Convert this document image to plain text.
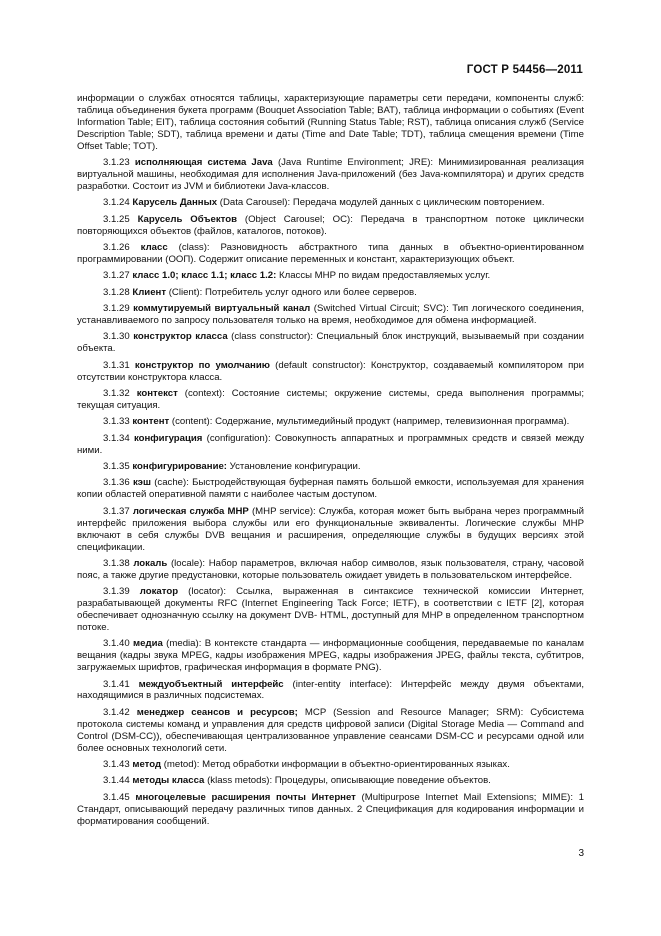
ГОСТ Р 54456—2011

информации о службах относятся таблицы, характеризующие параметры сети передачи, компоненты служб: таблица объединения букета программ (Bouquet Association Table; BAT), таблица информации о событиях (Event Information Table; EIT), таблица состояния событий (Running Status Table; RST), таблица описания служб (Service Description Table; SDT), таблица времени и даты (Time and Date Table; TDT), таблица смещения времени (Time Offset Table; TOT).

3.1.23 исполняющая система Java (Java Runtime Environment; JRE): Минимизированная реализация виртуальной машины, необходимая для исполнения Java-приложений (без Java-компилятора) и других средств разработки. Состоит из JVM и библиотеки Java-классов.

3.1.24 Карусель Данных (Data Carousel): Передача модулей данных с циклическим повторением.

3.1.25 Карусель Объектов (Object Carousel; OC): Передача в транспортном потоке циклически повторяющихся объектов (файлов, каталогов, потоков).

3.1.26 класс (class): Разновидность абстрактного типа данных в объектно-ориентированном программировании (ООП). Содержит описание переменных и констант, характеризующих объект.

3.1.27 класс 1.0; класс 1.1; класс 1.2: Классы MHP по видам предоставляемых услуг.

3.1.28 Клиент (Client): Потребитель услуг одного или более серверов.

3.1.29 коммутируемый виртуальный канал (Switched Virtual Circuit; SVC): Тип логического соединения, устанавливаемого по запросу пользователя только на время, необходимое для обмена информацией.

3.1.30 конструктор класса (class constructor): Специальный блок инструкций, вызываемый при создании объекта.

3.1.31 конструктор по умолчанию (default constructor): Конструктор, создаваемый компилятором при отсутствии конструктора класса.

3.1.32 контекст (context): Состояние системы; окружение системы, среда выполнения программы; текущая ситуация.

3.1.33 контент (content): Содержание, мультимедийный продукт (например, телевизионная программа).

3.1.34 конфигурация (configuration): Совокупность аппаратных и программных средств и связей между ними.

3.1.35 конфигурирование: Установление конфигурации.

3.1.36 кэш (cache): Быстродействующая буферная память большой емкости, используемая для хранения копии областей оперативной памяти с наиболее частым доступом.

3.1.37 логическая служба MHP (MHP service): Служба, которая может быть выбрана через программный интерфейс приложения выбора службы или его функциональные эквиваленты. Логические службы MHP включают в себя службы DVB вещания и расширения, определяющие службы в будущих версиях этой спецификации.

3.1.38 локаль (locale): Набор параметров, включая набор символов, язык пользователя, страну, часовой пояс, а также другие предустановки, которые пользователь ожидает увидеть в пользовательском интерфейсе.

3.1.39 локатор (locator): Ссылка, выраженная в синтаксисе технической комиссии Интернет, разрабатывающей документы RFC (Internet Engineering Tack Force; IETF), в соответствии с IETF [2], которая обеспечивает однозначную ссылку на документ DVB- HTML, доступный для MHP в определенном транспортном потоке.

3.1.40 медиа (media): В контексте стандарта — информационные сообщения, передаваемые по каналам вещания (кадры звука MPEG, кадры изображения MPEG, кадры изображения JPEG, файлы текста, субтитров, загружаемых шрифтов, графическая информация в формате PNG).

3.1.41 междуобъектный интерфейс (inter-entity interface): Интерфейс между двумя объектами, находящимися в различных подсистемах.

3.1.42 менеджер сеансов и ресурсов; MCP (Session and Resource Manager; SRM): Субсистема протокола системы команд и управления для средств цифровой записи (Digital Storage Media — Command and Control (DSM-CC)), обеспечивающая централизованное управление сеансами DSM-CC и ресурсами одной или более основных технологий сети.

3.1.43 метод (metod): Метод обработки информации в объектно-ориентированных языках.

3.1.44 методы класса (klass metods): Процедуры, описывающие поведение объектов.

3.1.45 многоцелевые расширения почты Интернет (Multipurpose Internet Mail Extensions; MIME): 1 Стандарт, описывающий передачу различных типов данных. 2 Спецификация для кодирования информации и форматирования сообщений.

3
